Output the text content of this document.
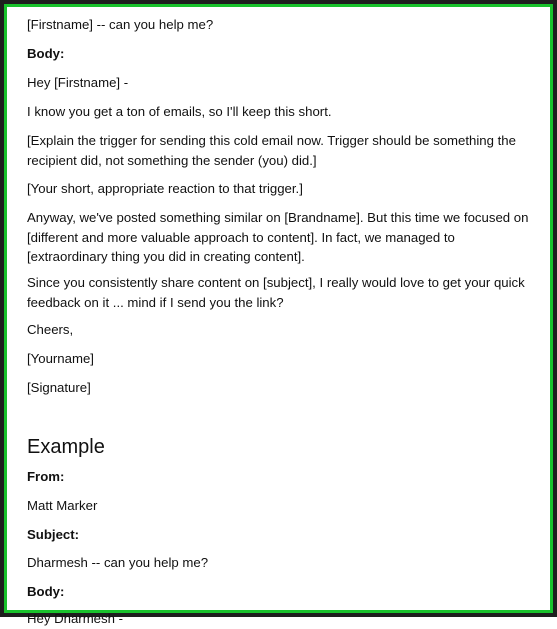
[Firstname] -- can you help me?

Body:

Hey [Firstname] -

I know you get a ton of emails, so I'll keep this short.

[Explain the trigger for sending this cold email now. Trigger should be something the recipient did, not something the sender (you) did.]

[Your short, appropriate reaction to that trigger.]

Anyway, we've posted something similar on [Brandname]. But this time we focused on [different and more valuable approach to content]. In fact, we managed to [extraordinary thing you did in creating content].

Since you consistently share content on [subject], I really would love to get your quick feedback on it ... mind if I send you the link?

Cheers,

[Yourname]

[Signature]

Example

From:

Matt Marker

Subject:

Dharmesh -- can you help me?

Body:

Hey Dharmesh -
